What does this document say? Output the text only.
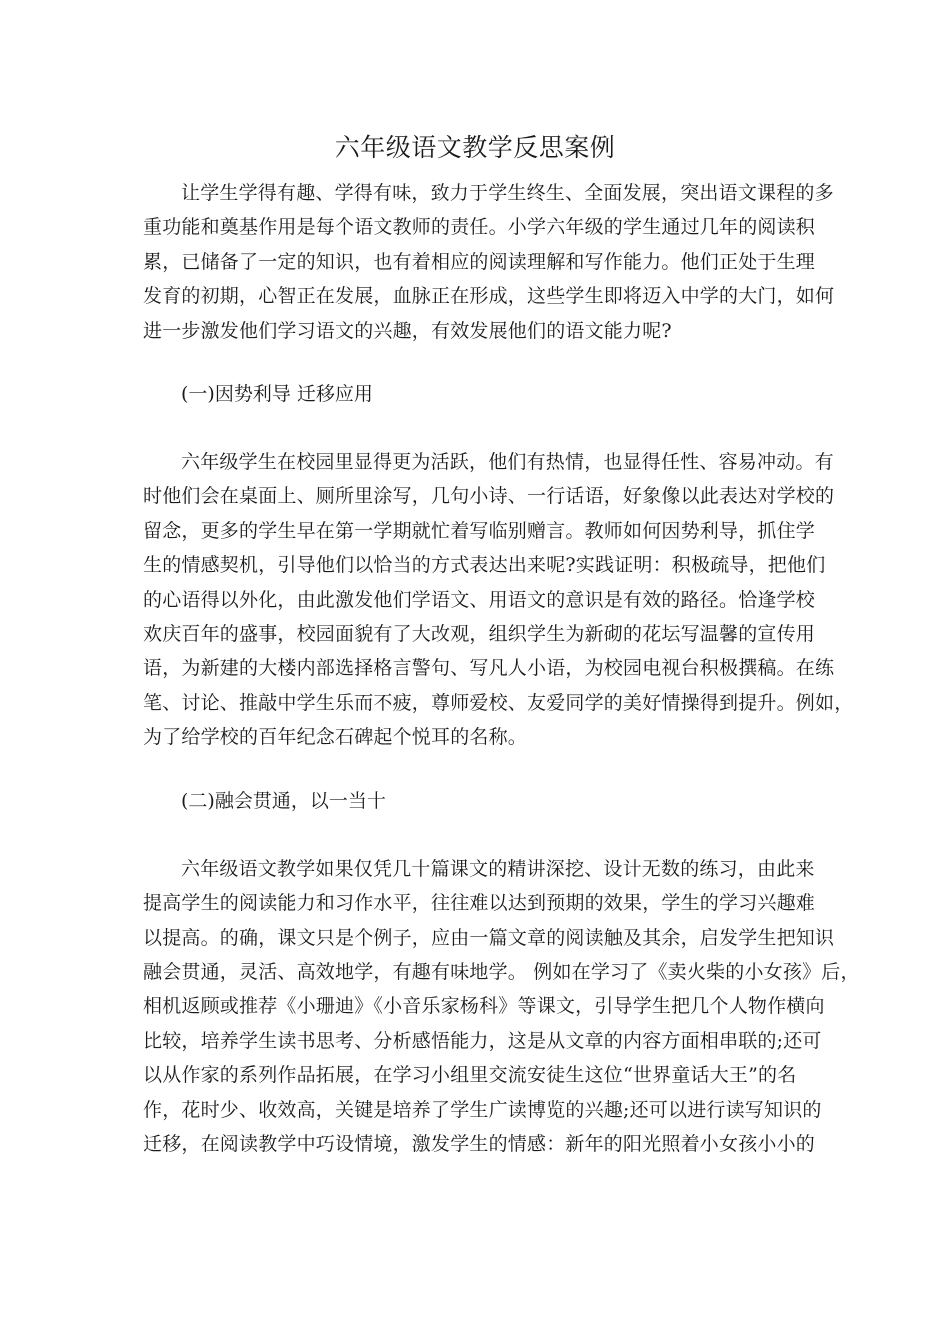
六年级语文教学反思案例

让学生学得有趣、学得有味，致力于学生终生、全面发展，突出语文课程的多
重功能和奠基作用是每个语文教师的责任。小学六年级的学生通过几年的阅读积
累，已储备了一定的知识，也有着相应的阅读理解和写作能力。他们正处于生理
发育的初期，心智正在发展，血脉正在形成，这些学生即将迈入中学的大门，如何
进一步激发他们学习语文的兴趣，有效发展他们的语文能力呢?

(一)因势利导 迁移应用

六年级学生在校园里显得更为活跃，他们有热情，也显得任性、容易冲动。有
时他们会在桌面上、厕所里涂写，几句小诗、一行话语，好象像以此表达对学校的
留念，更多的学生早在第一学期就忙着写临别赠言。教师如何因势利导，抓住学
生的情感契机，引导他们以恰当的方式表达出来呢?实践证明：积极疏导，把他们
的心语得以外化，由此激发他们学语文、用语文的意识是有效的路径。恰逢学校
欢庆百年的盛事，校园面貌有了大改观，组织学生为新砌的花坛写温馨的宣传用
语，为新建的大楼内部选择格言警句、写凡人小语，为校园电视台积极撰稿。在练
笔、讨论、推敲中学生乐而不疲，尊师爱校、友爱同学的美好情操得到提升。例如，
为了给学校的百年纪念石碑起个悦耳的名称。

(二)融会贯通，以一当十

六年级语文教学如果仅凭几十篇课文的精讲深挖、设计无数的练习，由此来
提高学生的阅读能力和习作水平，往往难以达到预期的效果，学生的学习兴趣难
以提高。的确，课文只是个例子，应由一篇文章的阅读触及其余，启发学生把知识
融会贯通，灵活、高效地学，有趣有味地学。 例如在学习了《卖火柴的小女孩》后，
相机返顾或推荐《小珊迪》《小音乐家杨科》等课文，引导学生把几个人物作横向
比较，培养学生读书思考、分析感悟能力，这是从文章的内容方面相串联的;还可
以从作家的系列作品拓展，在学习小组里交流安徒生这位“世界童话大王”的名
作，花时少、收效高，关键是培养了学生广读博览的兴趣;还可以进行读写知识的
迁移，在阅读教学中巧设情境，激发学生的情感：新年的阳光照着小女孩小小的
